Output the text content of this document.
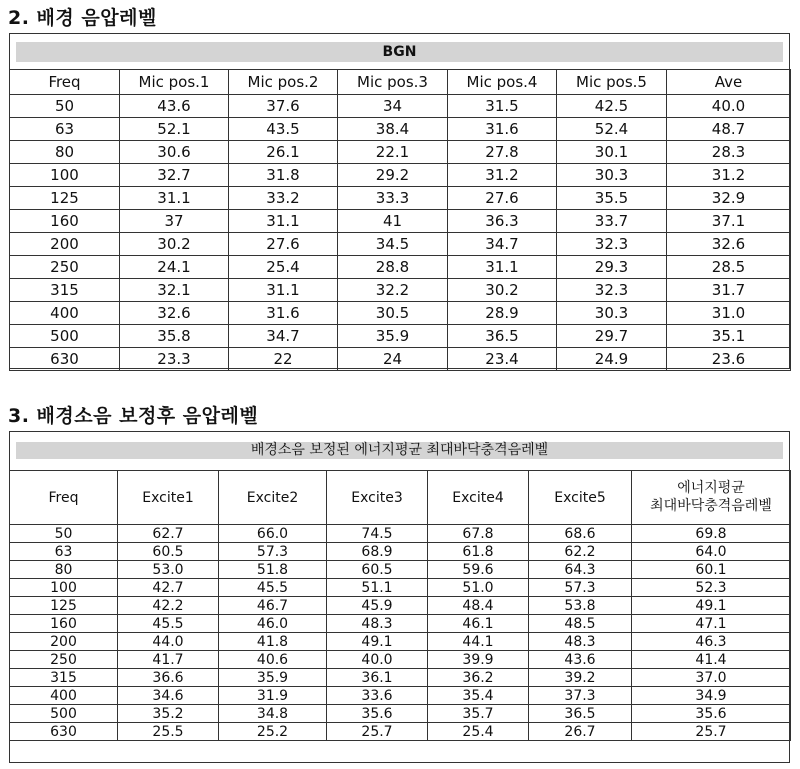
2. 배경 음압레벨
BGN
Freq	Mic pos.1	Mic pos.2	Mic pos.3	Mic pos.4	Mic pos.5	Ave
50	43.6	37.6	34	31.5	42.5	40.0
63	52.1	43.5	38.4	31.6	52.4	48.7
80	30.6	26.1	22.1	27.8	30.1	28.3
100	32.7	31.8	29.2	31.2	30.3	31.2
125	31.1	33.2	33.3	27.6	35.5	32.9
160	37	31.1	41	36.3	33.7	37.1
200	30.2	27.6	34.5	34.7	32.3	32.6
250	24.1	25.4	28.8	31.1	29.3	28.5
315	32.1	31.1	32.2	30.2	32.3	31.7
400	32.6	31.6	30.5	28.9	30.3	31.0
500	35.8	34.7	35.9	36.5	29.7	35.1
630	23.3	22	24	23.4	24.9	23.6
3. 배경소음 보정후 음압레벨
배경소음 보정된 에너지평균 최대바닥충격음레벨
Freq	Excite1	Excite2	Excite3	Excite4	Excite5	에너지평균
최대바닥충격음레벨

50	62.7	66.0	74.5	67.8	68.6	69.8
63	60.5	57.3	68.9	61.8	62.2	64.0
80	53.0	51.8	60.5	59.6	64.3	60.1
100	42.7	45.5	51.1	51.0	57.3	52.3
125	42.2	46.7	45.9	48.4	53.8	49.1
160	45.5	46.0	48.3	46.1	48.5	47.1
200	44.0	41.8	49.1	44.1	48.3	46.3
250	41.7	40.6	40.0	39.9	43.6	41.4
315	36.6	35.9	36.1	36.2	39.2	37.0
400	34.6	31.9	33.6	35.4	37.3	34.9
500	35.2	34.8	35.6	35.7	36.5	35.6
630	25.5	25.2	25.7	25.4	26.7	25.7
